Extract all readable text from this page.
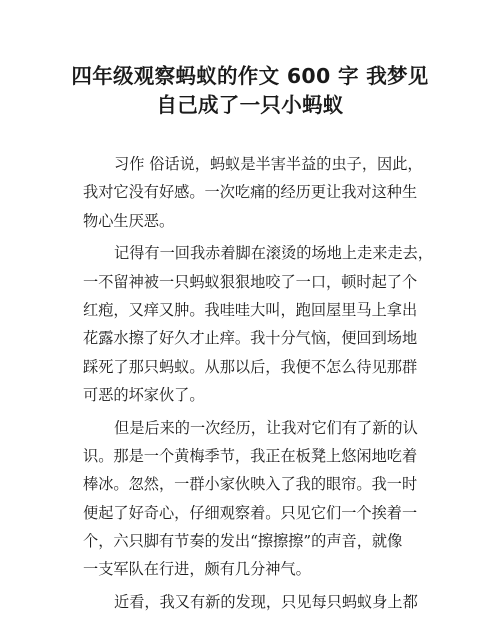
四年级观察蚂蚁的作文 600 字 我梦见
自己成了一只小蚂蚁
习作 俗话说，蚂蚁是半害半益的虫子，因此，
我对它没有好感。一次吃痛的经历更让我对这种生
物心生厌恶。
记得有一回我赤着脚在滚烫的场地上走来走去，
一不留神被一只蚂蚁狠狠地咬了一口，顿时起了个
红疱，又痒又肿。我哇哇大叫，跑回屋里马上拿出
花露水擦了好久才止痒。我十分气恼，便回到场地
踩死了那只蚂蚁。从那以后，我便不怎么待见那群
可恶的坏家伙了。
但是后来的一次经历，让我对它们有了新的认
识。那是一个黄梅季节，我正在板凳上悠闲地吃着
棒冰。忽然，一群小家伙映入了我的眼帘。我一时
便起了好奇心，仔细观察着。只见它们一个挨着一
个，六只脚有节奏的发出“擦擦擦”的声音，就像
一支军队在行进，颇有几分神气。
近看，我又有新的发现，只见每只蚂蚁身上都
